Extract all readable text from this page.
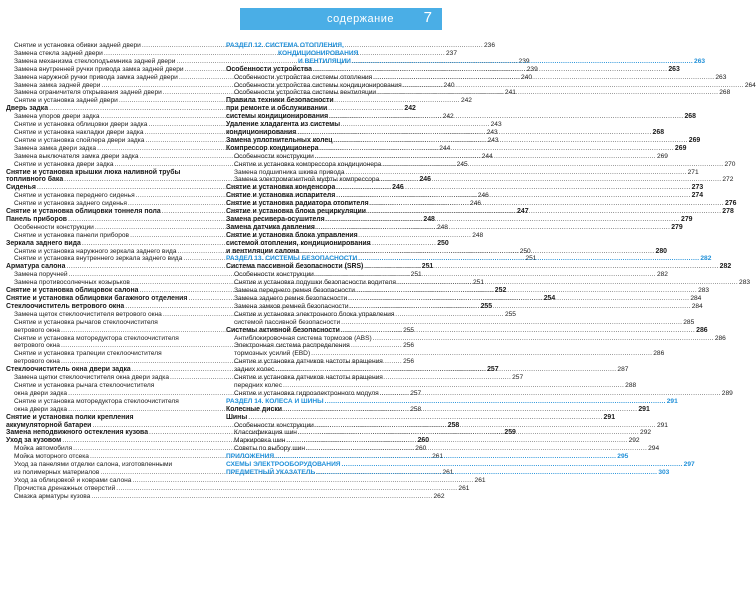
содержание 7
Снятие и установка обивки задней двери .....	236
Замена стекла задней двери .....	237
Замена механизма стеклоподъемника задней двери .....	239
Замена внутренней ручки привода замка задней двери .....	239
Замена наружной ручки привода замка задней двери .....	240
Замена замка задней двери .....	240
Замена ограничителя открывания задней двери .....	241
Снятие и установка задней двери .....	242
Дверь задка .....	242
Замена упоров двери задка .....	242
Снятие и установка облицовки двери задка .....	243
Снятие и установка накладки двери задка .....	243
Снятие и установка спойлера двери задка .....	243
Замена замка двери задка .....	244
Замена выключателя замка двери задка .....	244
Снятие и установка двери задка .....	245
Снятие и установка крышки люка наливной трубы
топливного бака .....	246
Сиденья .....	246
Снятие и установка переднего сиденья .....	246
Снятие и установка заднего сиденья .....	246
Снятие и установка облицовки тоннеля пола .....	247
Панель приборов .....	248
Особенности конструкции .....	248
Снятие и установка панели приборов .....	248
Зеркала заднего вида .....	250
Снятие и установка наружного зеркала заднего вида .....	250
Снятие и установка внутреннего зеркала заднего вида .....	251
Арматура салона .....	251
Замена поручней .....	251
Замена противосолнечных козырьков .....	251
Снятие и установка облицовок салона .....	252
Снятие и установка облицовки багажного отделения .....	254
Стеклоочиститель ветрового окна .....	255
Замена щеток стеклоочистителя ветрового окна .....	255
Снятие и установка рычагов стеклоочистителя
ветрового окна .....	255
Снятие и установка моторедуктора стеклоочистителя
ветрового окна .....	256
Снятие и установка трапеции стеклоочистителя
ветрового окна .....	256
Стеклоочиститель окна двери задка .....	257
Замена щетки стеклоочистителя окна двери задка .....	257
Снятие и установка рычага стеклоочистителя
окна двери задка .....	257
Снятие и установка моторедуктора стеклоочистителя
окна двери задка .....	258
Снятие и установка полки крепления
аккумуляторной батареи .....	258
Замена неподвижного остекления кузова .....	259
Уход за кузовом .....	260
Мойка автомобиля .....	260
Мойка моторного отсека .....	261
Уход за панелями отделки салона, изготовленными
из полимерных материалов .....	261
Уход за облицовкой и коврами салона .....	261
Прочистка дренажных отверстий .....	261
Смазка арматуры кузова .....	262
РАЗДЕЛ 12. СИСТЕМА ОТОПЛЕНИЯ,
КОНДИЦИОНИРОВАНИЯ
И ВЕНТИЛЯЦИИ .....	263
Особенности устройства .....	263
Особенности устройства системы отопления .....	263
Особенности устройства системы кондиционирования .....	264
Особенности устройства системы вентиляции .....	268
Правила техники безопасности
при ремонте и обслуживании
системы кондиционирования .....	268
Удаление хладагента из системы
кондиционирования .....	268
Замена уплотнительных колец .....	269
Компрессор кондиционера .....	269
Особенности конструкции .....	269
Снятие и установка компрессора кондиционера .....	270
Замена подшипника шкива привода .....	271
Замена электромагнитной муфты компрессора .....	272
Снятие и установка конденсора .....	273
Снятие и установка испарителя .....	274
Снятие и установка радиатора отопителя .....	276
Снятие и установка блока рециркуляции .....	278
Замена ресивера-осушителя .....	279
Замена датчика давления .....	279
Снятие и установка блока управления
системой отопления, кондиционирования
и вентиляции салона .....	280
РАЗДЕЛ 13. СИСТЕМЫ БЕЗОПАСНОСТИ .....	282
Система пассивной безопасности (SRS) .....	282
Особенности конструкции .....	282
Снятие и установка подушки безопасности водителя .....	283
Замена переднего ремня безопасности .....	283
Замена заднего ремня безопасности .....	284
Замена замков ремней безопасности .....	284
Снятие и установка электронного блока управления
системой пассивной безопасности .....	285
Системы активной безопасности .....	286
Антиблокировочная система тормозов (ABS) .....	286
Электронная система распределения
тормозных усилий (EBD) .....	286
Снятие и установка датчиков частоты вращения
задних колес .....	287
Снятие и установка датчиков частоты вращения
передних колес .....	288
Снятие и установка гидроэлектронного модуля .....	289
РАЗДЕЛ 14. КОЛЕСА И ШИНЫ .....	291
Колесные диски .....	291
Шины .....	291
Особенности конструкции .....	291
Классификация шин .....	292
Маркировка шин .....	292
Советы по выбору шин .....	294
ПРИЛОЖЕНИЯ .....	295
СХЕМЫ ЭЛЕКТРООБОРУДОВАНИЯ .....	297
ПРЕДМЕТНЫЙ УКАЗАТЕЛЬ .....	303
